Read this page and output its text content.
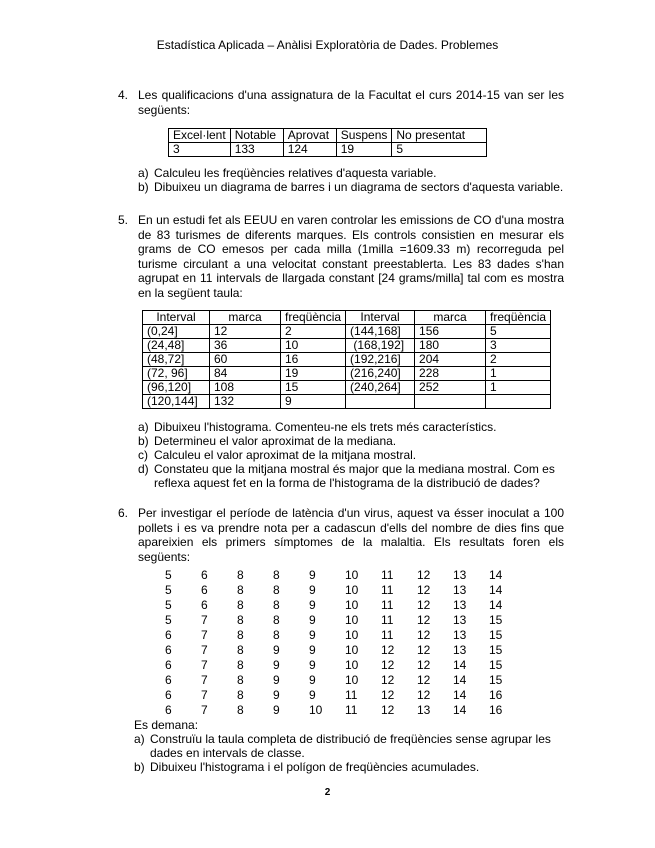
Estadística Aplicada – Anàlisi Exploratòria de Dades. Problemes
4. Les qualificacions d'una assignatura de la Facultat el curs 2014-15 van ser les següents:
Excel·lent	Notable	Aprovat	Suspens	No presentat
3	133	124	19	5
a) Calculeu les freqüències relatives d'aquesta variable.
b) Dibuixeu un diagrama de barres i un diagrama de sectors d'aquesta variable.
5. En un estudi fet als EEUU en varen controlar les emissions de CO d'una mostra de 83 turismes de diferents marques. Els controls consistien en mesurar els grams de CO emesos per cada milla (1milla =1609.33 m) recorreguda pel turisme circulant a una velocitat constant preestablerta. Les 83 dades s'han agrupat en 11 intervals de llargada constant [24 grams/milla] tal com es mostra en la següent taula:
Interval	marca	freqüència	Interval	marca	freqüència
(0,24]	12	2	(144,168]	156	5
(24,48]	36	10	(168,192]	180	3
(48,72]	60	16	(192,216]	204	2
(72, 96]	84	19	(216,240]	228	1
(96,120]	108	15	(240,264]	252	1
(120,144]	132	9			
a) Dibuixeu l'histograma. Comenteu-ne els trets més característics.
b) Determineu el valor aproximat de la mediana.
c) Calculeu el valor aproximat de la mitjana mostral.
d) Constateu que la mitjana mostral és major que la mediana mostral. Com es reflexa aquest fet en la forma de l'histograma de la distribució de dades?
6. Per investigar el període de latència d'un virus, aquest va ésser inoculat a 100 pollets i es va prendre nota per a cadascun d'ells del nombre de dies fins que apareixien els primers símptomes de la malaltia. Els resultats foren els següents:
5	6	8	8	9	10	11	12	13	14
5	6	8	8	9	10	11	12	13	14
5	6	8	8	9	10	11	12	13	14
5	7	8	8	9	10	11	12	13	15
6	7	8	8	9	10	11	12	13	15
6	7	8	9	9	10	12	12	13	15
6	7	8	9	9	10	12	12	14	15
6	7	8	9	9	10	12	12	14	15
6	7	8	9	9	11	12	12	14	16
6	7	8	9	10	11	12	13	14	16
Es demana:
a) Construïu la taula completa de distribució de freqüències sense agrupar les dades en intervals de classe.
b) Dibuixeu l'histograma i el polígon de freqüències acumulades.
2
